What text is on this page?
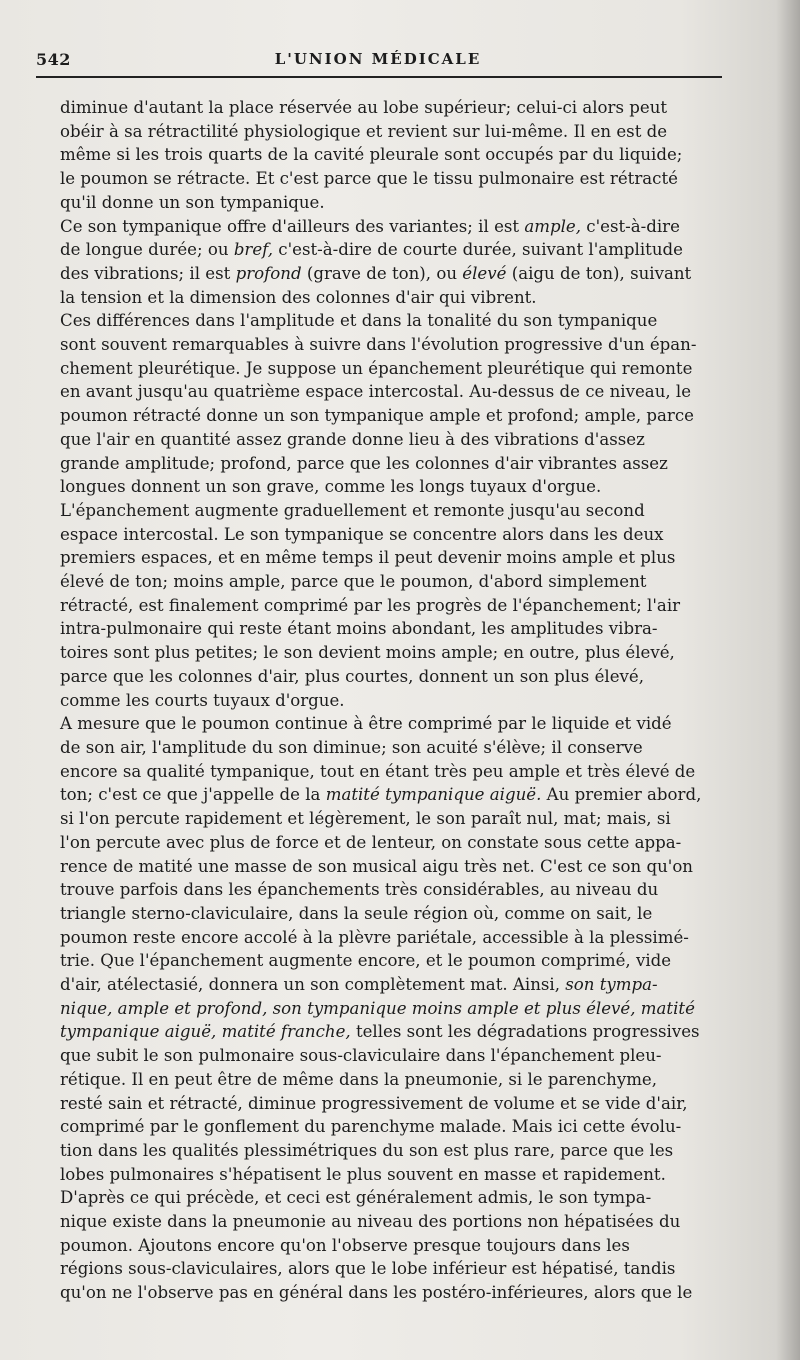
542	L'UNION MÉDICALE

diminue d'autant la place réservée au lobe supérieur; celui-ci alors peut
obéir à sa rétractilité physiologique et revient sur lui-même. Il en est de
même si les trois quarts de la cavité pleurale sont occupés par du liquide;
le poumon se rétracte. Et c'est parce que le tissu pulmonaire est rétracté
qu'il donne un son tympanique.

Ce son tympanique offre d'ailleurs des variantes; il est ample, c'est-à-dire
de longue durée; ou bref, c'est-à-dire de courte durée, suivant l'amplitude
des vibrations; il est profond (grave de ton), ou élevé (aigu de ton), suivant
la tension et la dimension des colonnes d'air qui vibrent.

Ces différences dans l'amplitude et dans la tonalité du son tympanique
sont souvent remarquables à suivre dans l'évolution progressive d'un épan-
chement pleurétique. Je suppose un épanchement pleurétique qui remonte
en avant jusqu'au quatrième espace intercostal. Au-dessus de ce niveau, le
poumon rétracté donne un son tympanique ample et profond; ample, parce
que l'air en quantité assez grande donne lieu à des vibrations d'assez
grande amplitude; profond, parce que les colonnes d'air vibrantes assez
longues donnent un son grave, comme les longs tuyaux d'orgue.

L'épanchement augmente graduellement et remonte jusqu'au second
espace intercostal. Le son tympanique se concentre alors dans les deux
premiers espaces, et en même temps il peut devenir moins ample et plus
élevé de ton; moins ample, parce que le poumon, d'abord simplement
rétracté, est finalement comprimé par les progrès de l'épanchement; l'air
intra-pulmonaire qui reste étant moins abondant, les amplitudes vibra-
toires sont plus petites; le son devient moins ample; en outre, plus élevé,
parce que les colonnes d'air, plus courtes, donnent un son plus élevé,
comme les courts tuyaux d'orgue.

A mesure que le poumon continue à être comprimé par le liquide et vidé
de son air, l'amplitude du son diminue; son acuité s'élève; il conserve
encore sa qualité tympanique, tout en étant très peu ample et très élevé de
ton; c'est ce que j'appelle de la matité tympanique aiguë. Au premier abord,
si l'on percute rapidement et légèrement, le son paraît nul, mat; mais, si
l'on percute avec plus de force et de lenteur, on constate sous cette appa-
rence de matité une masse de son musical aigu très net. C'est ce son qu'on
trouve parfois dans les épanchements très considérables, au niveau du
triangle sterno-claviculaire, dans la seule région où, comme on sait, le
poumon reste encore accolé à la plèvre pariétale, accessible à la plessimé-
trie. Que l'épanchement augmente encore, et le poumon comprimé, vide
d'air, atélectasié, donnera un son complètement mat. Ainsi, son tympa-
nique, ample et profond, son tympanique moins ample et plus élevé, matité
tympanique aiguë, matité franche, telles sont les dégradations progressives
que subit le son pulmonaire sous-claviculaire dans l'épanchement pleu-
rétique. Il en peut être de même dans la pneumonie, si le parenchyme,
resté sain et rétracté, diminue progressivement de volume et se vide d'air,
comprimé par le gonflement du parenchyme malade. Mais ici cette évolu-
tion dans les qualités plessimétriques du son est plus rare, parce que les
lobes pulmonaires s'hépatisent le plus souvent en masse et rapidement.

D'après ce qui précède, et ceci est généralement admis, le son tympa-
nique existe dans la pneumonie au niveau des portions non hépatisées du
poumon. Ajoutons encore qu'on l'observe presque toujours dans les
régions sous-claviculaires, alors que le lobe inférieur est hépatisé, tandis
qu'on ne l'observe pas en général dans les postéro-inférieures, alors que le
